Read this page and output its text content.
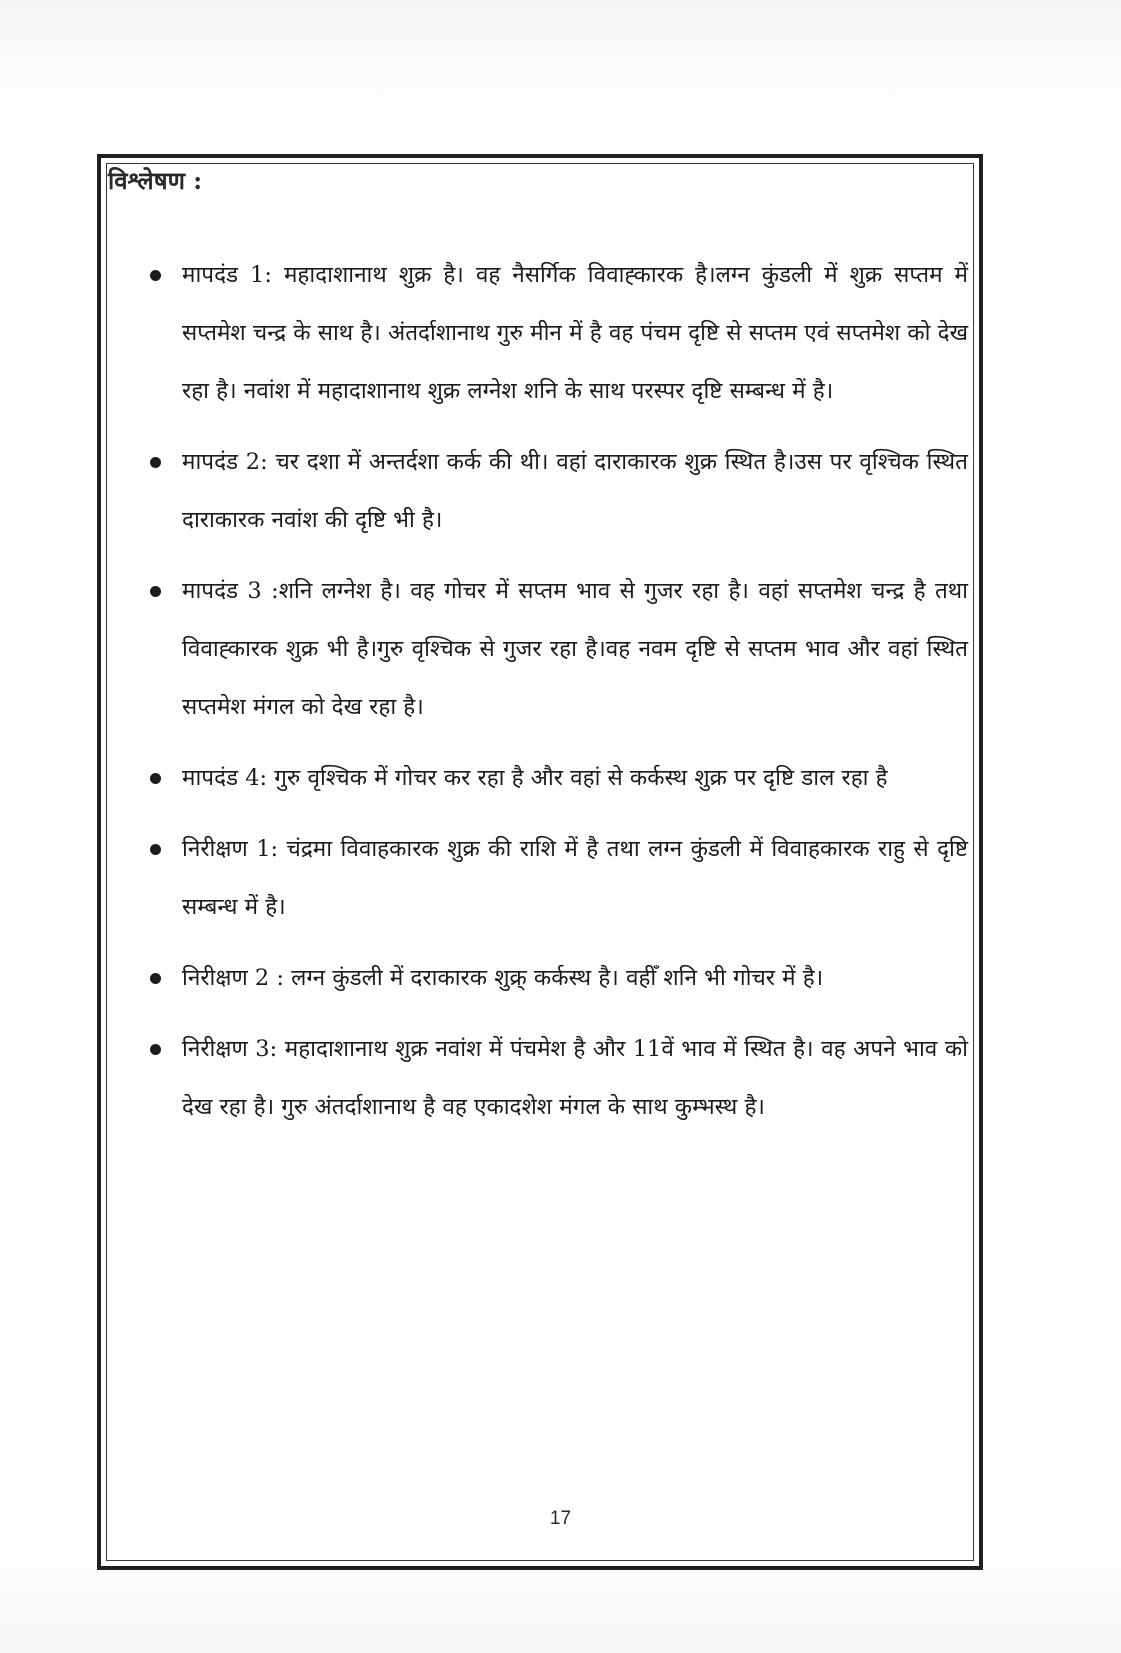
विश्लेषण :
मापदंड 1: महादाशानाथ शुक्र है। वह नैसर्गिक विवाह्कारक है।लग्न कुंडली में शुक्र सप्तम में सप्तमेश चन्द्र के साथ है। अंतर्दाशानाथ गुरु मीन में है वह पंचम दृष्टि से सप्तम एवं सप्तमेश को देख रहा है। नवांश में महादाशानाथ शुक्र लग्नेश शनि के साथ परस्पर दृष्टि सम्बन्ध में है।
मापदंड 2: चर दशा में अन्तर्दशा कर्क की थी। वहां दाराकारक शुक्र स्थित है।उस पर वृश्चिक स्थित दाराकारक नवांश की दृष्टि भी है।
मापदंड 3 :शनि लग्नेश है। वह गोचर में सप्तम भाव से गुजर रहा है। वहां सप्तमेश चन्द्र है तथा विवाह्कारक शुक्र भी है।गुरु वृश्चिक से गुजर रहा है।वह नवम दृष्टि से सप्तम भाव और वहां स्थित सप्तमेश मंगल को देख रहा है।
मापदंड 4: गुरु वृश्चिक में गोचर कर रहा है और वहां से कर्कस्थ शुक्र पर दृष्टि डाल रहा है
निरीक्षण 1: चंद्रमा विवाहकारक शुक्र की राशि में है तथा लग्न कुंडली में विवाहकारक राहु से दृष्टि सम्बन्ध में है।
निरीक्षण 2 : लग्न कुंडली में दराकारक शुक्र् कर्कस्थ है। वहीँ शनि भी गोचर में है।
निरीक्षण 3: महादाशानाथ शुक्र नवांश में पंचमेश है और 11वें भाव में स्थित है। वह अपने भाव को देख रहा है। गुरु अंतर्दाशानाथ है वह एकादशेश मंगल के साथ कुम्भस्थ है।
17
